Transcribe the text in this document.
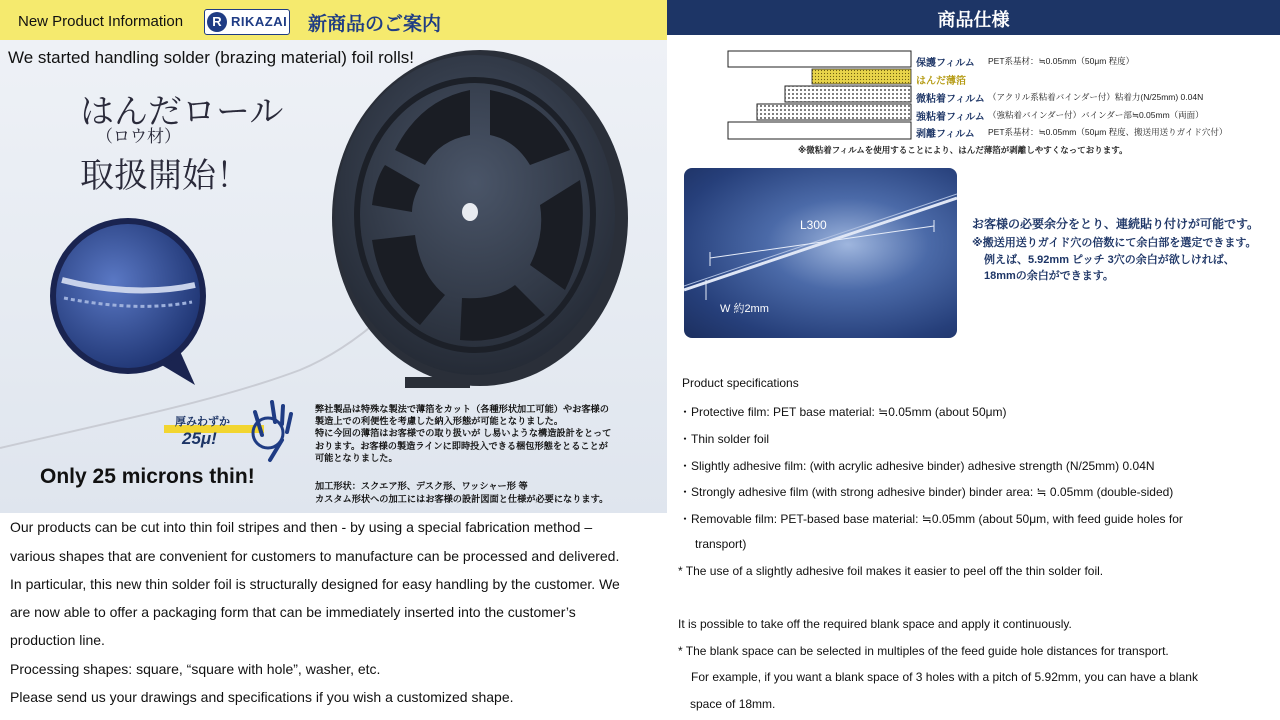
New Product Information	R RIKAZAI 新商品のご案内	商品仕様
We started handling solder (brazing material) foil rolls!
はんだロール
（ロウ材）
取扱開始！
厚みわずか
25μ!
Only 25 microns thin!
弊社製品は特殊な製法で薄箔をカット（各種形状加工可能）やお客様の
製造上での利便性を考慮した納入形態が可能となりました。
特に今回の薄箔はお客様での取り扱いが し易いような構造設計をとって
おります。お客様の製造ラインに即時投入できる梱包形態をとることが
可能となりました。
加工形状：スクエア形、デスク形、ワッシャー形 等
カスタム形状への加工にはお客様の設計図面と仕様が必要になります。
Our products can be cut into thin foil stripes and then - by using a special fabrication method –
various shapes that are convenient for customers to manufacture can be processed and delivered.
In particular, this new thin solder foil is structurally designed for easy handling by the customer. We
are now able to offer a packaging form that can be immediately inserted into the customer’s
production line.
Processing shapes: square, “square with hole”, washer, etc.
Please send us your drawings and specifications if you wish a customized shape.
保護フィルム PET系基材：≒0.05mm（50μm 程度）
はんだ薄箔
微粘着フィルム （アクリル系粘着バインダー付）粘着力(N/25mm) 0.04N
強粘着フィルム （強粘着バインダー付）バインダー部≒0.05mm（両面）
剥離フィルム PET系基材：≒0.05mm（50μm 程度、搬送用送りガイド穴付）
※微粘着フィルムを使用することにより、はんだ薄箔が剥離しやすくなっております。
L300
W 約2mm
お客様の必要余分をとり、連続貼り付けが可能です。
※搬送用送りガイド穴の倍数にて余白部を選定できます。
例えば、5.92mm ピッチ 3穴の余白が欲しければ、
18mmの余白ができます。
Product specifications
・Protective film: PET base material: ≒0.05mm (about 50μm)
・Thin solder foil
・Slightly adhesive film: (with acrylic adhesive binder) adhesive strength (N/25mm) 0.04N
・Strongly adhesive film (with strong adhesive binder) binder area: ≒ 0.05mm (double-sided)
・Removable film: PET-based base material: ≒0.05mm (about 50μm, with feed guide holes for
transport)
* The use of a slightly adhesive foil makes it easier to peel off the thin solder foil.
It is possible to take off the required blank space and apply it continuously.
* The blank space can be selected in multiples of the feed guide hole distances for transport.
For example, if you want a blank space of 3 holes with a pitch of 5.92mm, you can have a blank
space of 18mm.
